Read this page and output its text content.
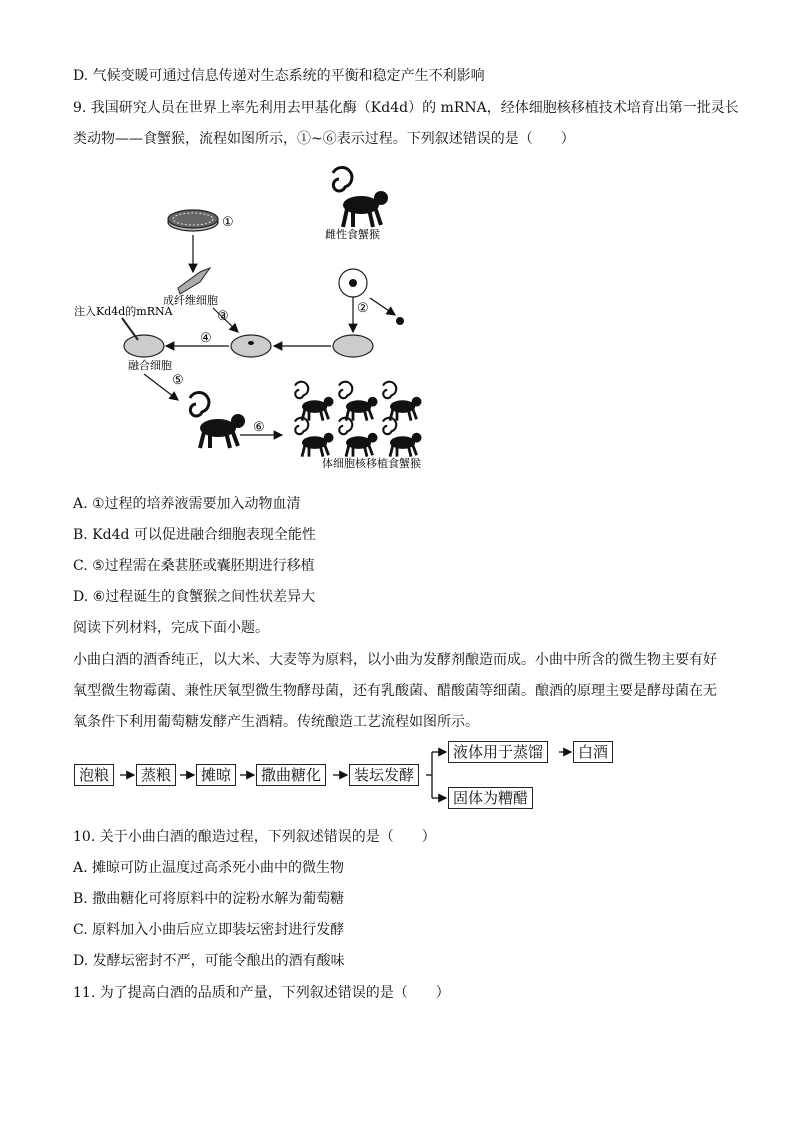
D. 气候变暖可通过信息传递对生态系统的平衡和稳定产生不利影响
9. 我国研究人员在世界上率先利用去甲基化酶（Kd4d）的 mRNA，经体细胞核移植技术培育出第一批灵长
类动物——食蟹猴，流程如图所示，①~⑥表示过程。下列叙述错误的是（　　）
①
成纤维细胞
③
雌性食蟹猴
②
④
注入Kd4d的mRNA
融合细胞
⑤
⑥
体细胞核移植食蟹猴
A. ①过程的培养液需要加入动物血清
B. Kd4d 可以促进融合细胞表现全能性
C. ⑤过程需在桑葚胚或囊胚期进行移植
D. ⑥过程诞生的食蟹猴之间性状差异大
阅读下列材料，完成下面小题。
小曲白酒的酒香纯正，以大米、大麦等为原料，以小曲为发酵剂酿造而成。小曲中所含的微生物主要有好
氧型微生物霉菌、兼性厌氧型微生物酵母菌，还有乳酸菌、醋酸菌等细菌。酿酒的原理主要是酵母菌在无
氧条件下利用葡萄糖发酵产生酒精。传统酿造工艺流程如图所示。
泡粮	蒸粮	摊晾	撒曲糖化	装坛发酵
液体用于蒸馏	白酒
固体为糟醋
10. 关于小曲白酒的酿造过程，下列叙述错误的是（　　）
A. 摊晾可防止温度过高杀死小曲中的微生物
B. 撒曲糖化可将原料中的淀粉水解为葡萄糖
C. 原料加入小曲后应立即装坛密封进行发酵
D. 发酵坛密封不严，可能令酿出的酒有酸味
11. 为了提高白酒的品质和产量，下列叙述错误的是（　　）
